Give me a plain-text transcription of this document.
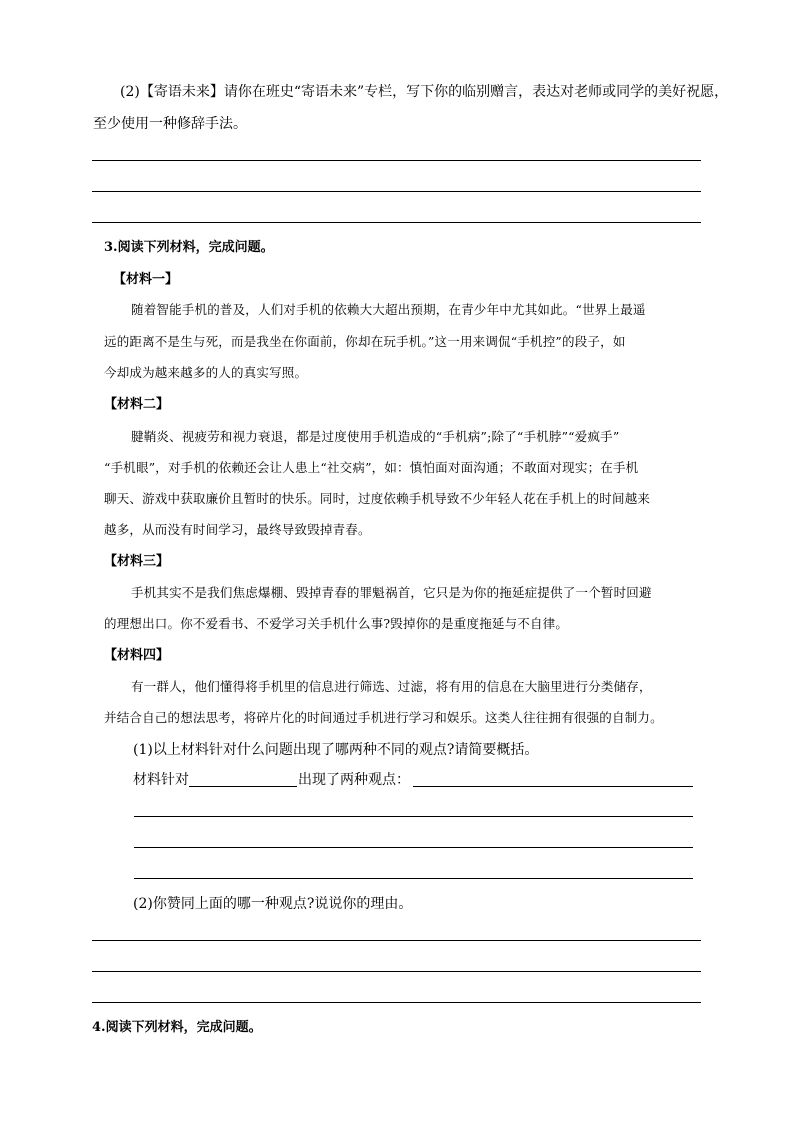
(2)【寄语未来】请你在班史“寄语未来”专栏，写下你的临别赠言，表达对老师或同学的美好祝愿，
至少使用一种修辞手法。
3.阅读下列材料，完成问题。
【材料一】
随着智能手机的普及，人们对手机的依赖大大超出预期，在青少年中尤其如此。“世界上最遥
远的距离不是生与死，而是我坐在你面前，你却在玩手机。”这一用来调侃“手机控”的段子，如
今却成为越来越多的人的真实写照。
【材料二】
腱鞘炎、视疲劳和视力衰退，都是过度使用手机造成的“手机病”;除了“手机脖”“爱疯手”
“手机眼”，对手机的依赖还会让人患上“社交病”，如：慎怕面对面沟通；不敢面对现实；在手机
聊天、游戏中获取廉价且暂时的快乐。同时，过度依赖手机导致不少年轻人花在手机上的时间越来
越多，从而没有时间学习，最终导致毁掉青春。
【材料三】
手机其实不是我们焦虑爆棚、毁掉青春的罪魁祸首，它只是为你的拖延症提供了一个暂时回避
的理想出口。你不爱看书、不爱学习关手机什么事?毁掉你的是重度拖延与不自律。
【材料四】
有一群人，他们懂得将手机里的信息进行筛选、过滤，将有用的信息在大脑里进行分类储存，
并结合自己的想法思考，将碎片化的时间通过手机进行学习和娱乐。这类人往往拥有很强的自制力。
(1)以上材料针对什么问题出现了哪两种不同的观点?请简要概括。
材料针对	出现了两种观点：
(2)你赞同上面的哪一种观点?说说你的理由。
4.阅读下列材料，完成问题。
